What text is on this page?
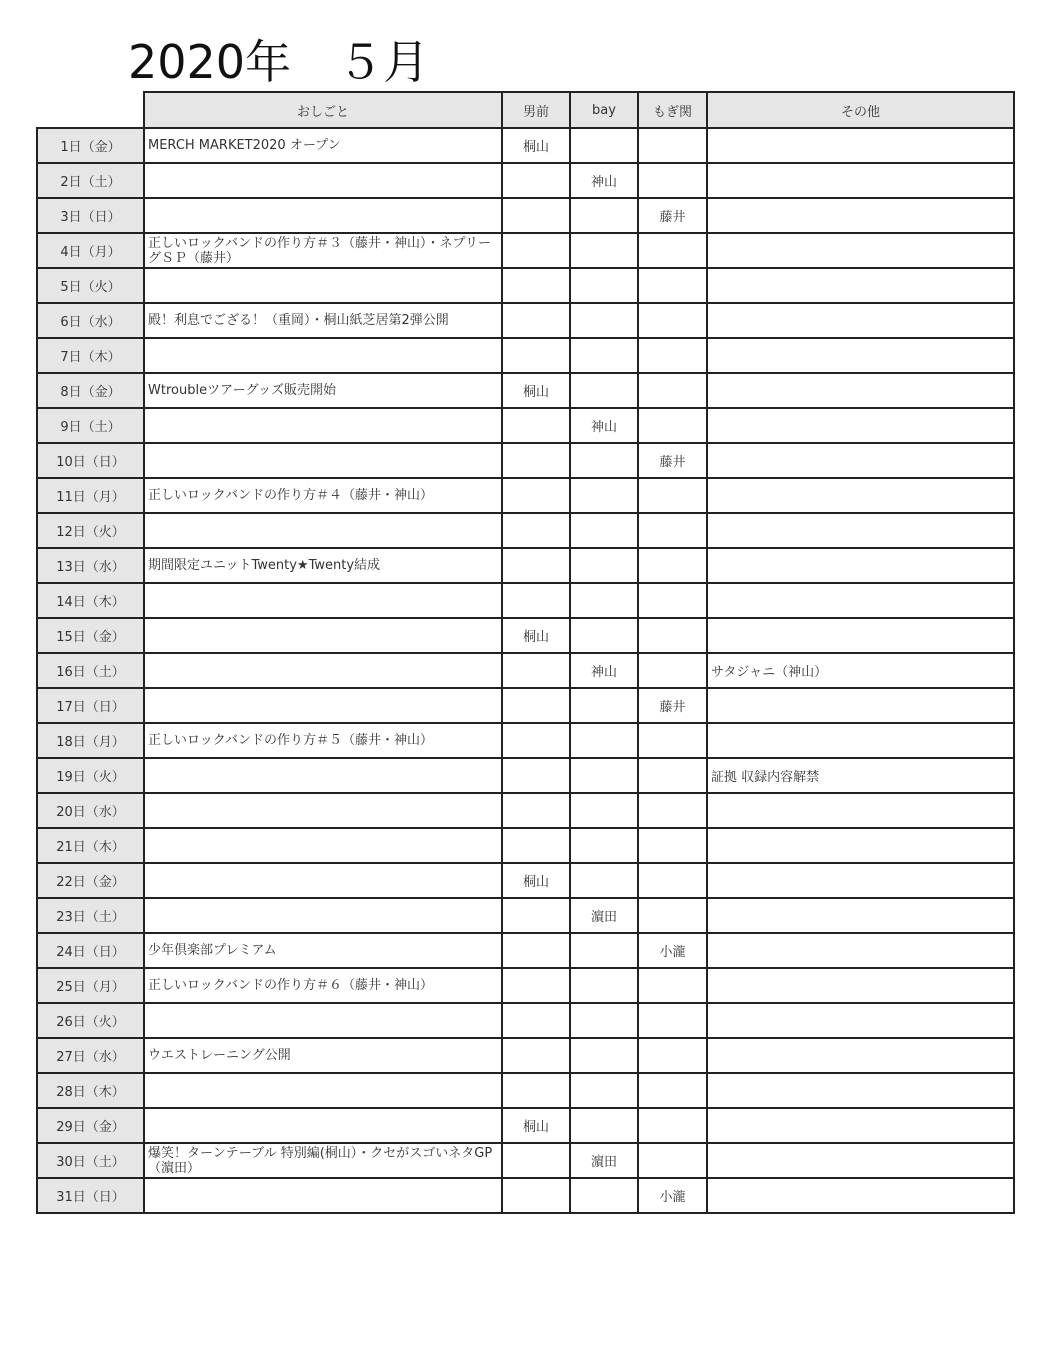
2020年　５月
	おしごと	男前	bay	もぎ関	その他
1日（金）	MERCH MARKET2020 オープン	桐山			
2日（土）			神山		
3日（日）				藤井	
4日（月）	正しいロックバンドの作り方＃３（藤井・神山）・ネプリーグＳＰ（藤井）				
5日（火）					
6日（水）	殿！利息でござる！（重岡）・桐山紙芝居第2弾公開				
7日（木）					
8日（金）	Wtroubleツアーグッズ販売開始	桐山			
9日（土）			神山		
10日（日）				藤井	
11日（月）	正しいロックバンドの作り方＃４（藤井・神山）				
12日（火）					
13日（水）	期間限定ユニットTwenty★Twenty結成				
14日（木）					
15日（金）		桐山			
16日（土）			神山		サタジャニ（神山）
17日（日）				藤井	
18日（月）	正しいロックバンドの作り方＃５（藤井・神山）				
19日（火）					証拠 収録内容解禁
20日（水）					
21日（木）					
22日（金）		桐山			
23日（土）			濵田		
24日（日）	少年倶楽部プレミアム			小瀧	
25日（月）	正しいロックバンドの作り方＃６（藤井・神山）				
26日（火）					
27日（水）	ウエストレーニング公開				
28日（木）					
29日（金）		桐山			
30日（土）	爆笑！ターンテーブル 特別編(桐山）・クセがスゴいネタGP（濵田）		濵田		
31日（日）				小瀧	
